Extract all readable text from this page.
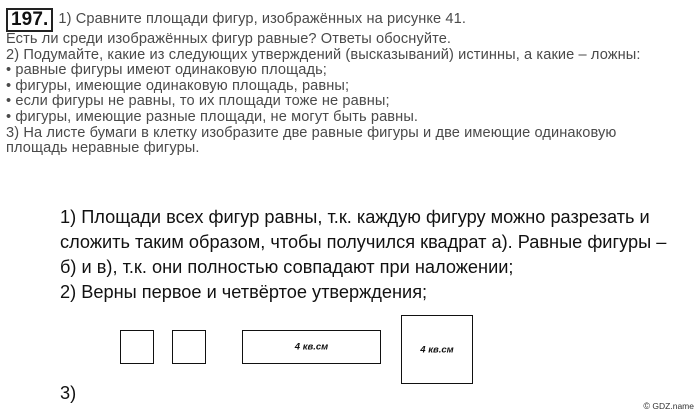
197. 1) Сравните площади фигур, изображённых на рисунке 41.
Есть ли среди изображённых фигур равные? Ответы обоснуйте.
2) Подумайте, какие из следующих утверждений (высказываний) истинны, а какие – ложны:
• равные фигуры имеют одинаковую площадь;
• фигуры, имеющие одинаковую площадь, равны;
• если фигуры не равны, то их площади тоже не равны;
• фигуры, имеющие разные площади, не могут быть равны.
3) На листе бумаги в клетку изобразите две равные фигуры и две имеющие одинаковую
площадь неравные фигуры.
1) Площади всех фигур равны, т.к. каждую фигуру можно разрезать и
сложить таким образом, чтобы получился квадрат а). Равные фигуры –
б) и в), т.к. они полностью совпадают при наложении;
2) Верны первое и четвёртое утверждения;
4 кв.см	4 кв.см
3)
© GDZ.name
